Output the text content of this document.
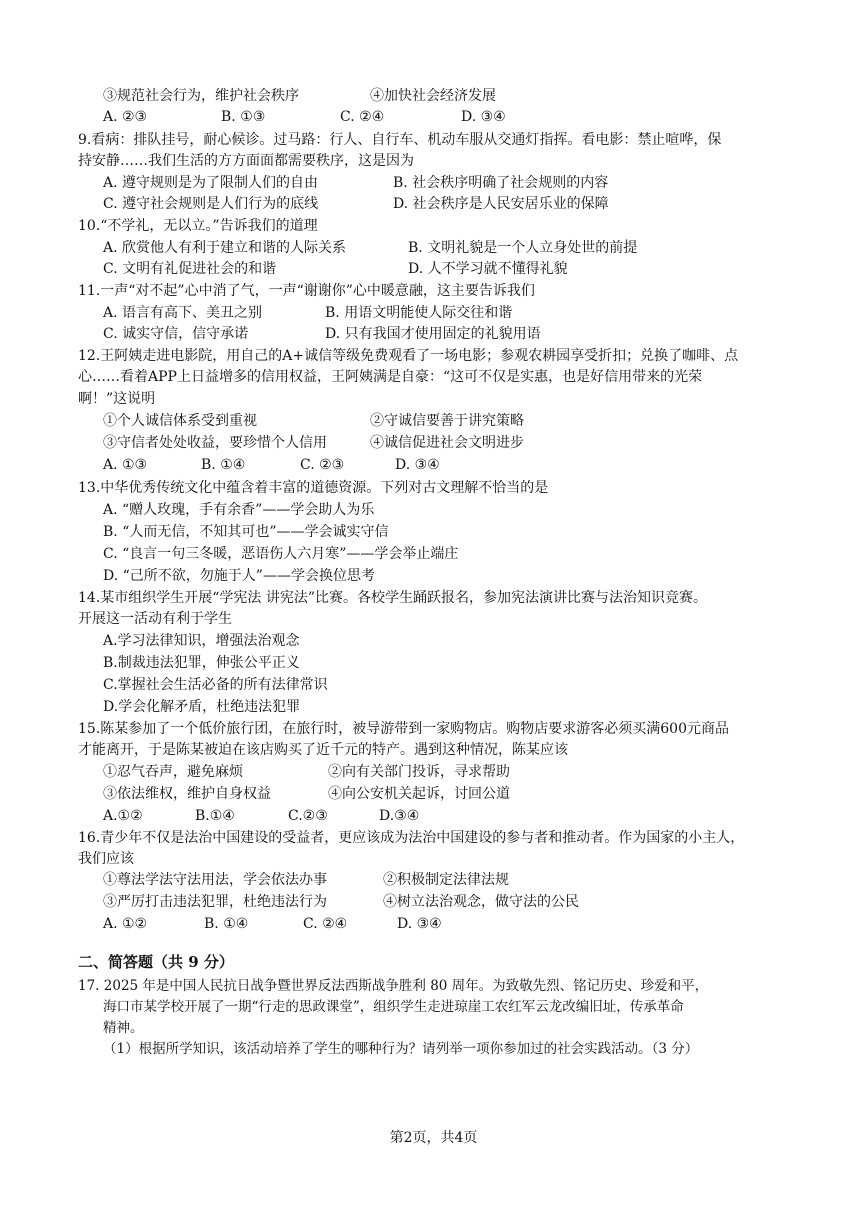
③规范社会行为，维护社会秩序	④加快社会经济发展
A. ②③	B. ①③	C. ②④	D. ③④
9.看病：排队挂号，耐心候诊。过马路：行人、自行车、机动车服从交通灯指挥。看电影：禁止喧哗，保
持安静……我们生活的方方面面都需要秩序，这是因为
A. 遵守规则是为了限制人们的自由	B. 社会秩序明确了社会规则的内容
C. 遵守社会规则是人们行为的底线	D. 社会秩序是人民安居乐业的保障
10.“不学礼，无以立。”告诉我们的道理
A. 欣赏他人有利于建立和谐的人际关系	B. 文明礼貌是一个人立身处世的前提
C. 文明有礼促进社会的和谐	D. 人不学习就不懂得礼貌
11.一声“对不起”心中消了气，一声“谢谢你”心中暖意融，这主要告诉我们
A. 语言有高下、美丑之别	B. 用语文明能使人际交往和谐
C. 诚实守信，信守承诺	D. 只有我国才使用固定的礼貌用语
12.王阿姨走进电影院，用自己的A+诚信等级免费观看了一场电影；参观农耕园享受折扣；兑换了咖啡、点
心……看着APP上日益增多的信用权益，王阿姨满是自豪：“这可不仅是实惠，也是好信用带来的光荣
啊！”这说明
①个人诚信体系受到重视	②守诚信要善于讲究策略
③守信者处处收益，要珍惜个人信用	④诚信促进社会文明进步
A. ①③	B. ①④	C. ②③	D. ③④
13.中华优秀传统文化中蕴含着丰富的道德资源。下列对古文理解不恰当的是
A. “赠人玫瑰，手有余香”——学会助人为乐
B. “人而无信，不知其可也”——学会诚实守信
C. “良言一句三冬暖，恶语伤人六月寒”——学会举止端庄
D. “己所不欲，勿施于人”——学会换位思考
14.某市组织学生开展“学宪法 讲宪法”比赛。各校学生踊跃报名，参加宪法演讲比赛与法治知识竞赛。
开展这一活动有利于学生
A.学习法律知识，增强法治观念
B.制裁违法犯罪，伸张公平正义
C.掌握社会生活必备的所有法律常识
D.学会化解矛盾，杜绝违法犯罪
15.陈某参加了一个低价旅行团，在旅行时，被导游带到一家购物店。购物店要求游客必须买满600元商品
才能离开，于是陈某被迫在该店购买了近千元的特产。遇到这种情况，陈某应该
①忍气吞声，避免麻烦	②向有关部门投诉，寻求帮助
③依法维权，维护自身权益	④向公安机关起诉，讨回公道
A.①②	B.①④	C.②③	D.③④
16.青少年不仅是法治中国建设的受益者，更应该成为法治中国建设的参与者和推动者。作为国家的小主人，
我们应该
①尊法学法守法用法，学会依法办事	②积极制定法律法规
③严厉打击违法犯罪，杜绝违法行为	④树立法治观念，做守法的公民
A. ①②	B. ①④	C. ②④	D. ③④
二、简答题（共 9 分）
17. 2025 年是中国人民抗日战争暨世界反法西斯战争胜利 80 周年。为致敬先烈、铭记历史、珍爱和平，
海口市某学校开展了一期“行走的思政课堂”，组织学生走进琼崖工农红军云龙改编旧址，传承革命
精神。
（1）根据所学知识，该活动培养了学生的哪种行为？请列举一项你参加过的社会实践活动。（3 分）
第2页，共4页
